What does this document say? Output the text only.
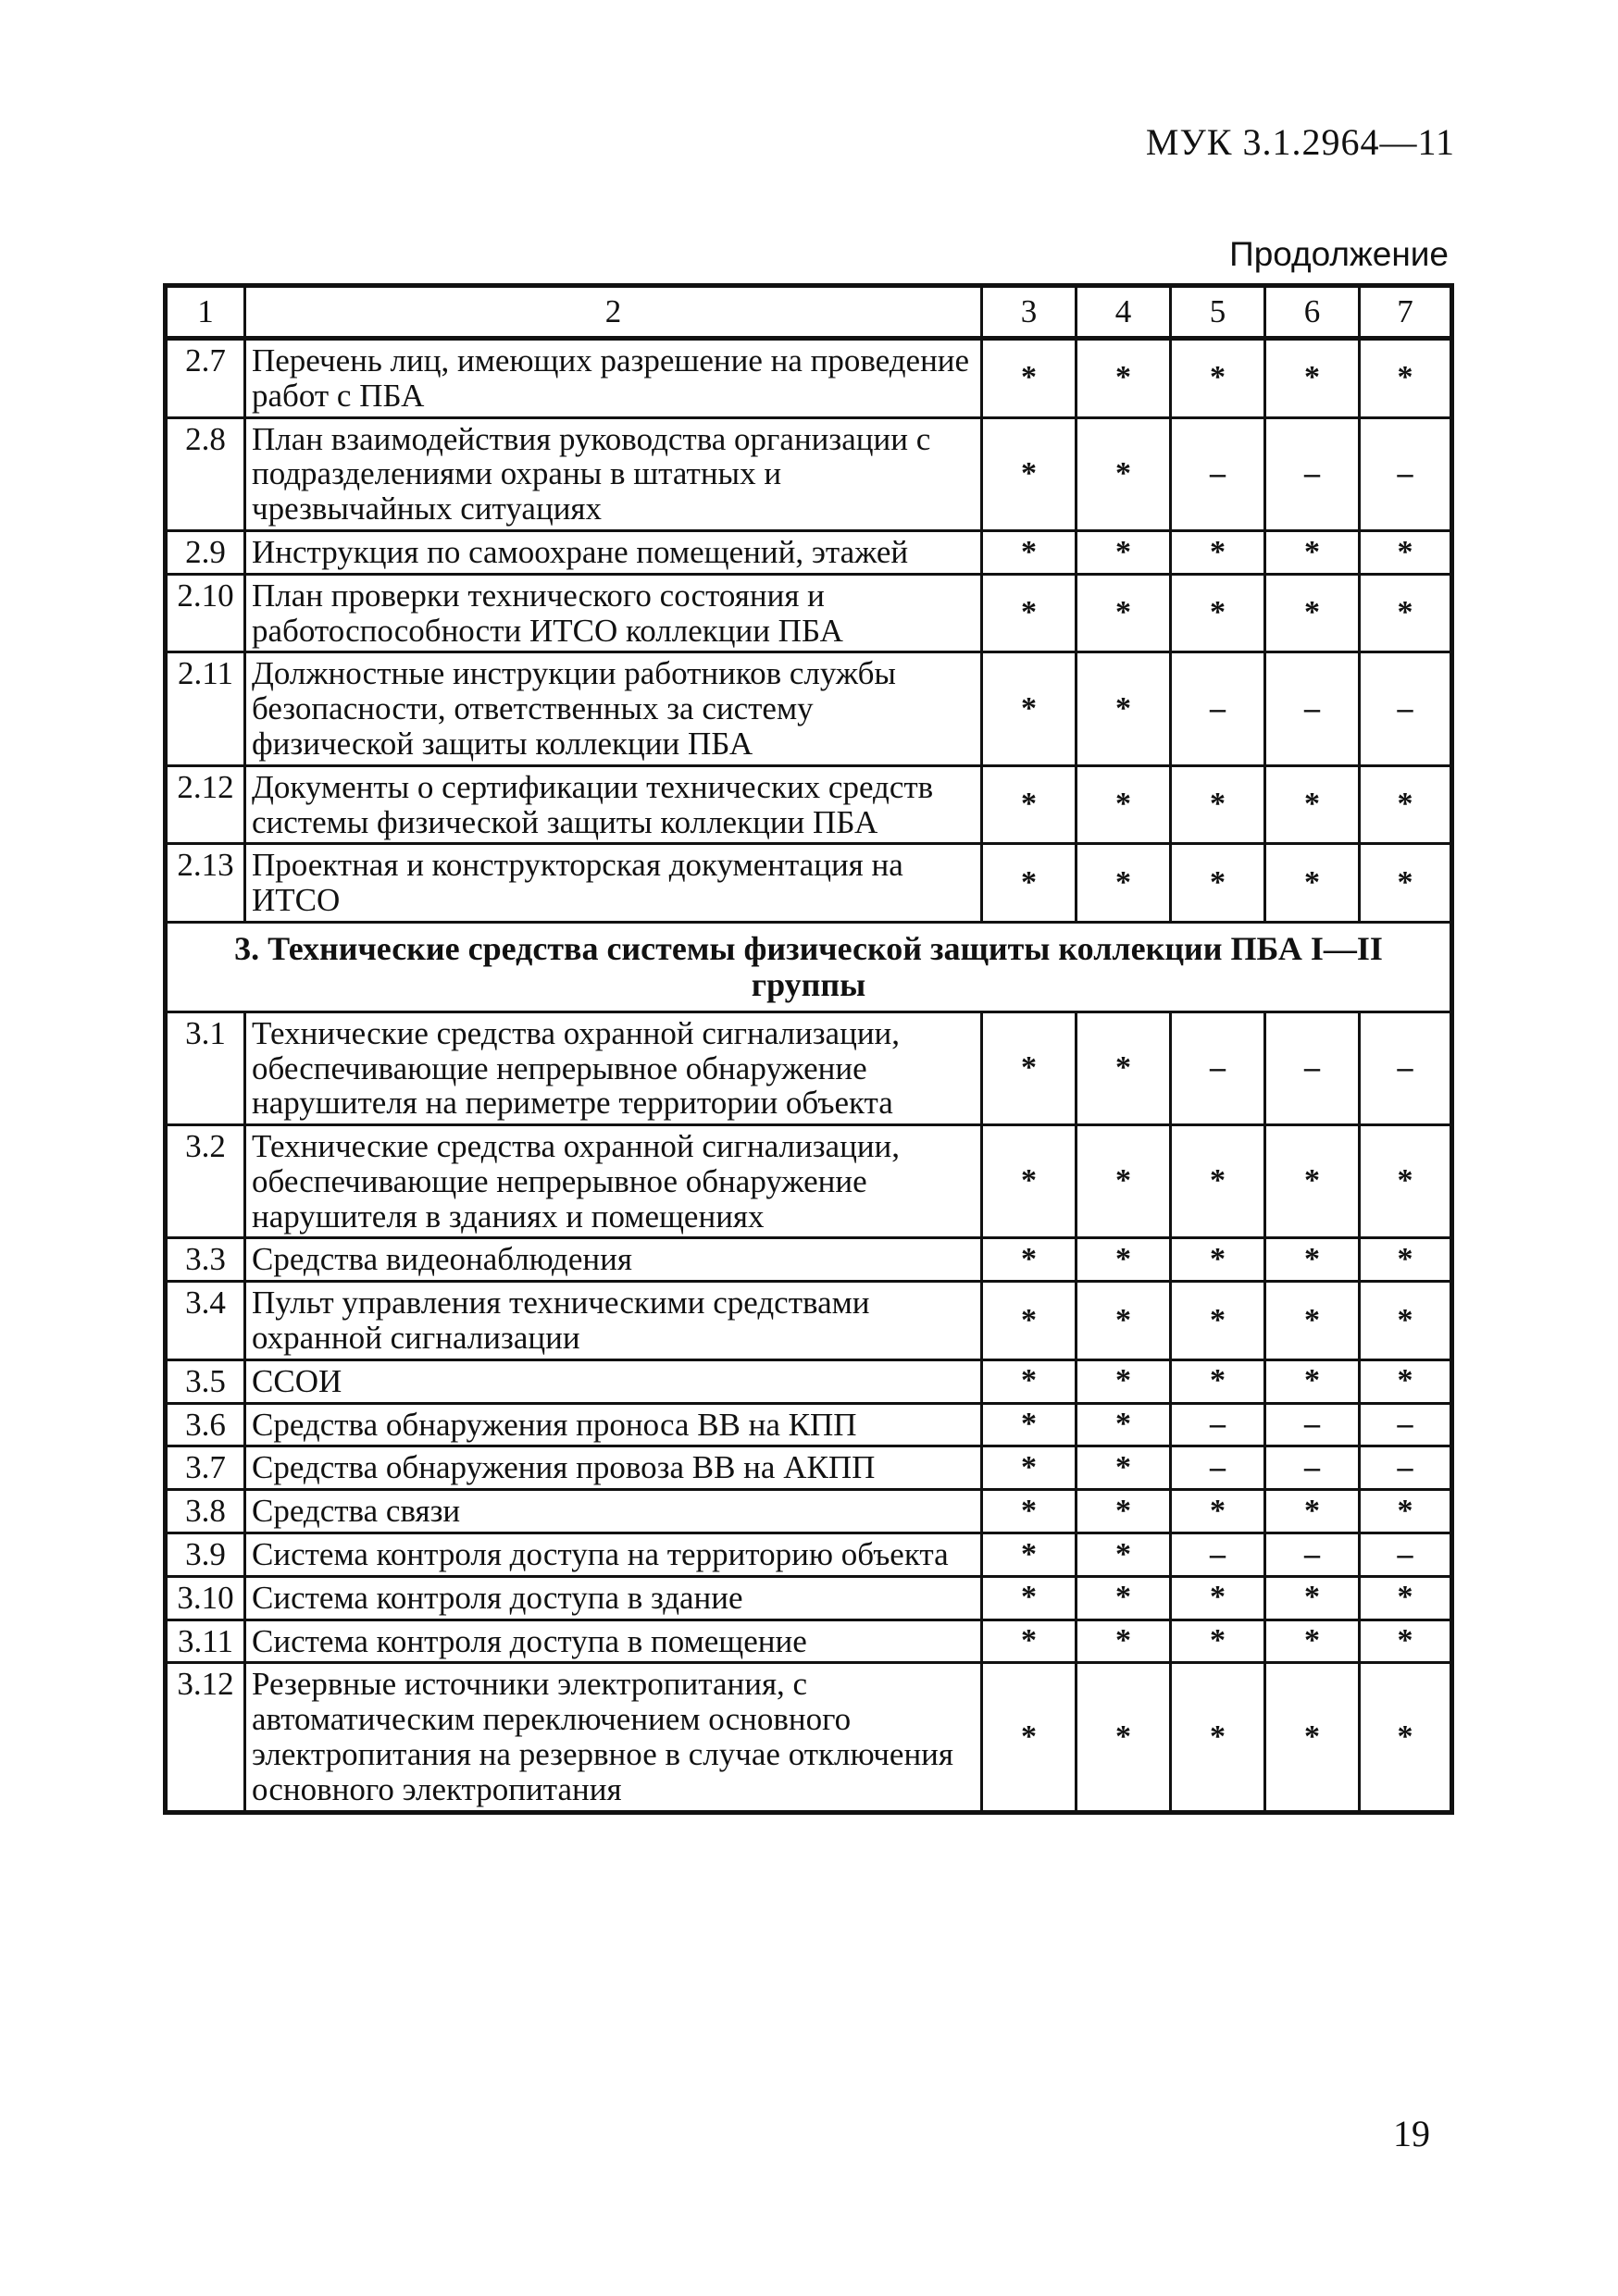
МУК 3.1.2964—11
Продолжение
1	2	3	4	5	6	7
2.7	Перечень лиц, имеющих разрешение на проведение работ с ПБА	*	*	*	*	*
2.8	План взаимодействия руководства организации с подразделениями охраны в штатных и чрезвычайных ситуациях	*	*	–	–	–
2.9	Инструкция по самоохране помещений, этажей	*	*	*	*	*
2.10	План проверки технического состояния и работоспособности ИТСО коллекции ПБА	*	*	*	*	*
2.11	Должностные инструкции работников службы безопасности, ответственных за систему физической защиты коллекции ПБА	*	*	–	–	–
2.12	Документы о сертификации технических средств системы физической защиты коллекции ПБА	*	*	*	*	*
2.13	Проектная и конструкторская документация на ИТСО	*	*	*	*	*
3. Технические средства системы физической защиты коллекции ПБА I—II группы						
3.1	Технические средства охранной сигнализации, обеспечивающие непрерывное обнаружение нарушителя на периметре территории объекта	*	*	–	–	–
3.2	Технические средства охранной сигнализации, обеспечивающие непрерывное обнаружение нарушителя в зданиях и помещениях	*	*	*	*	*
3.3	Средства видеонаблюдения	*	*	*	*	*
3.4	Пульт управления техническими средствами охранной сигнализации	*	*	*	*	*
3.5	ССОИ	*	*	*	*	*
3.6	Средства обнаружения проноса ВВ на КПП	*	*	–	–	–
3.7	Средства обнаружения провоза ВВ на АКПП	*	*	–	–	–
3.8	Средства связи	*	*	*	*	*
3.9	Система контроля доступа на территорию объекта	*	*	–	–	–
3.10	Система контроля доступа в здание	*	*	*	*	*
3.11	Система контроля доступа в помещение	*	*	*	*	*
3.12	Резервные источники электропитания, с автоматическим переключением основного электропитания на резервное в случае отключения основного электропитания	*	*	*	*	*
19
